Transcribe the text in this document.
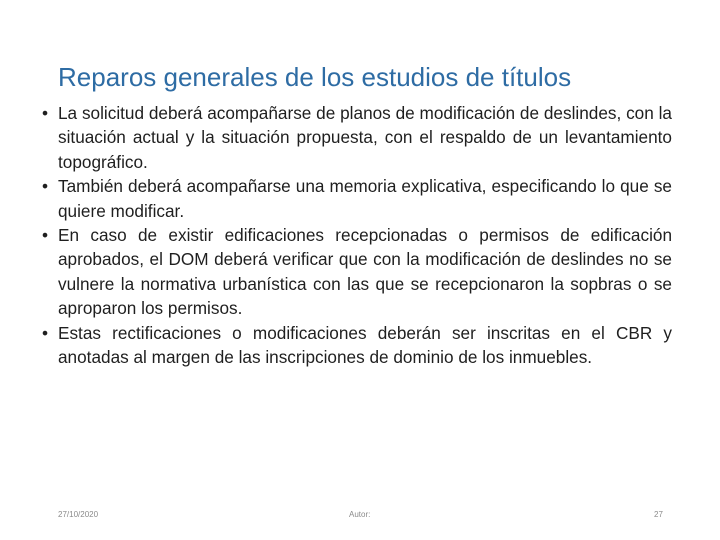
Reparos generales de los estudios de títulos
• La solicitud deberá acompañarse de planos de modificación de deslindes, con la situación actual y la situación propuesta, con el respaldo de un levantamiento topográfico.
• También deberá acompañarse una memoria explicativa, especificando lo que se quiere modificar.
• En caso de existir edificaciones recepcionadas o permisos de edificación aprobados, el DOM deberá verificar que con la modificación de deslindes no se vulnere la normativa urbanística con las que se recepcionaron la sopbras o se aproparon los permisos.
• Estas rectificaciones o modificaciones deberán ser inscritas en el CBR y anotadas al margen de las inscripciones de dominio de los inmuebles.
27/10/2020	Autor:	27
